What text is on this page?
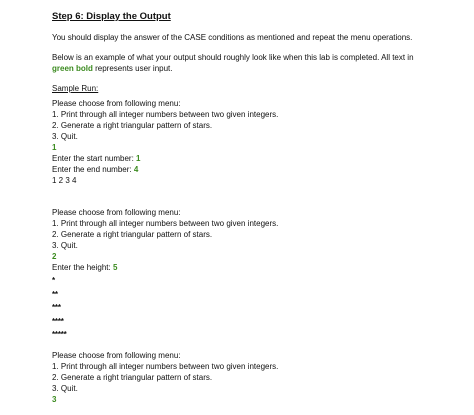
Step 6: Display the Output

You should display the answer of the CASE conditions as mentioned and repeat the menu operations.

Below is an example of what your output should roughly look like when this lab is completed. All text in

green bold represents user input.

Sample Run:

Please choose from following menu:

1. Print through all integer numbers between two given integers.

2. Generate a right triangular pattern of stars.

3. Quit.

1

Enter the start number: 1

Enter the end number: 4

1 2 3 4

Please choose from following menu:

1. Print through all integer numbers between two given integers.

2. Generate a right triangular pattern of stars.

3. Quit.

2

Enter the height: 5

*

**

***

****

*****

Please choose from following menu:

1. Print through all integer numbers between two given integers.

2. Generate a right triangular pattern of stars.

3. Quit.

3
